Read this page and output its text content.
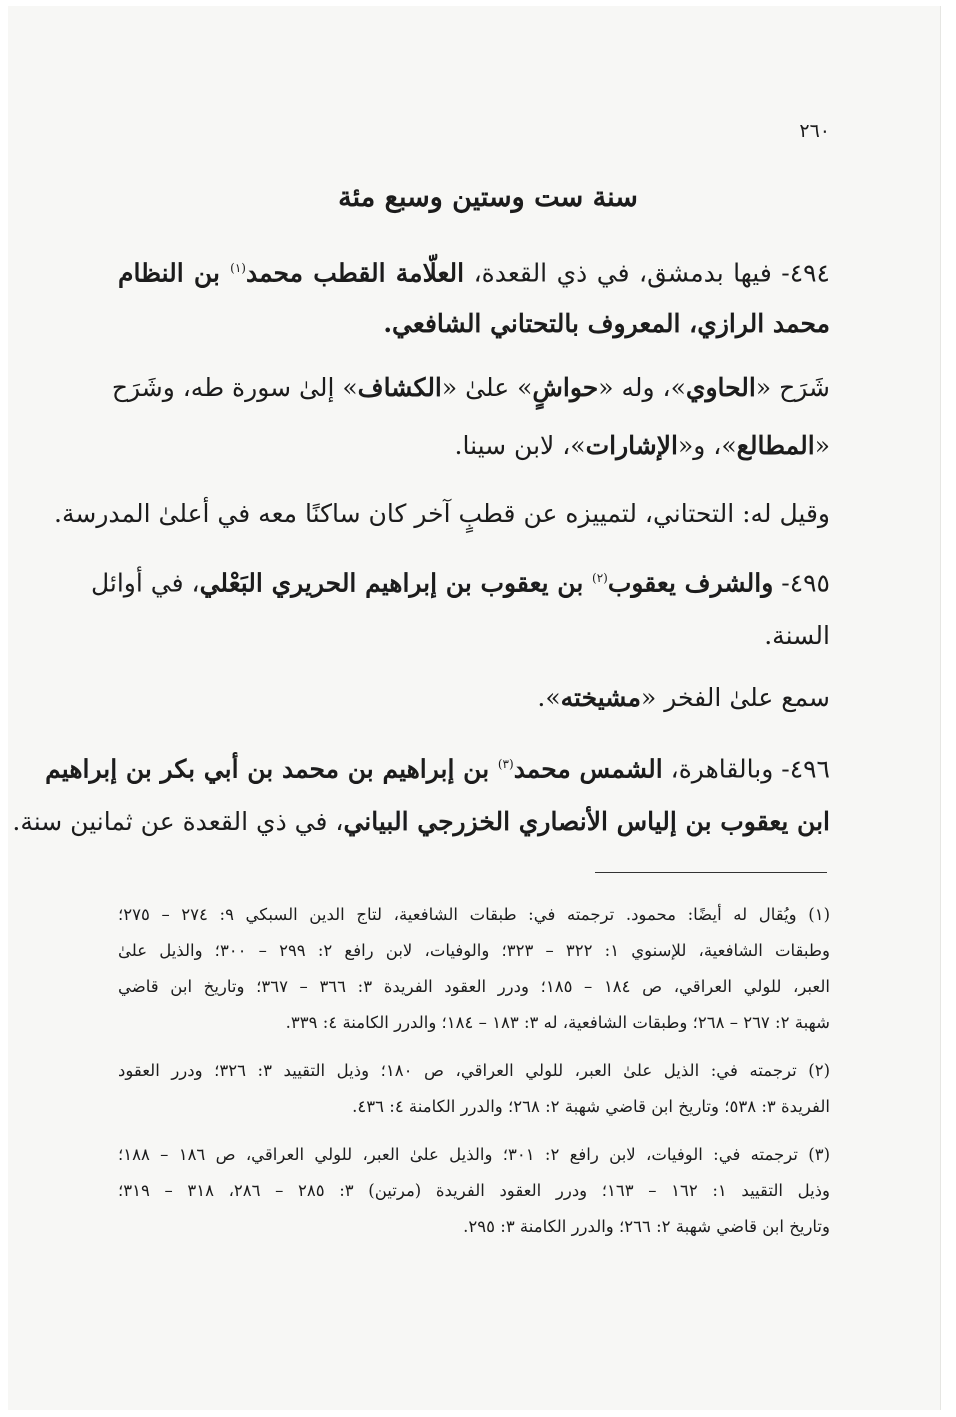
٢٦٠
سنة ست وستين وسبع مئة
٤٩٤- فيها بدمشق، في ذي القعدة، العلّامة القطب محمد$^{(١)}$ بن النظام
محمد الرازي، المعروف بالتحتاني الشافعي.
شَرَح «الحاوي»، وله «حواشٍ» علىٰ «الكشاف» إلىٰ سورة طه، وشَرَح
«المطالع»، و«الإشارات»، لابن سينا.
وقيل له: التحتاني، لتمييزه عن قطبٍ آخر كان ساكنًا معه في أعلىٰ المدرسة.
٤٩٥- والشرف يعقوب$^{(٢)}$ بن يعقوب بن إبراهيم الحريري البَعْلي، في أوائل
السنة.
سمع علىٰ الفخر «مشيخته».
٤٩٦- وبالقاهرة، الشمس محمد$^{(٣)}$ بن إبراهيم بن محمد بن أبي بكر بن إبراهيم
ابن يعقوب بن إلياس الأنصاري الخزرجي البياني، في ذي القعدة عن ثمانين سنة.
(١) ويُقال له أيضًا: محمود. ترجمته في: طبقات الشافعية، لتاج الدين السبكي ٩: ٢٧٤ – ٢٧٥؛
وطبقات الشافعية، للإسنوي ١: ٣٢٢ – ٣٢٣؛ والوفيات، لابن رافع ٢: ٢٩٩ – ٣٠٠؛ والذيل علىٰ
العبر، للولي العراقي، ص ١٨٤ – ١٨٥؛ ودرر العقود الفريدة ٣: ٣٦٦ – ٣٦٧؛ وتاريخ ابن قاضي
شهبة ٢: ٢٦٧ – ٢٦٨؛ وطبقات الشافعية، له ٣: ١٨٣ – ١٨٤؛ والدرر الكامنة ٤: ٣٣٩.
(٢) ترجمته في: الذيل علىٰ العبر، للولي العراقي، ص ١٨٠؛ وذيل التقييد ٣: ٣٢٦؛ ودرر العقود
الفريدة ٣: ٥٣٨؛ وتاريخ ابن قاضي شهبة ٢: ٢٦٨؛ والدرر الكامنة ٤: ٤٣٦.
(٣) ترجمته في: الوفيات، لابن رافع ٢: ٣٠١؛ والذيل علىٰ العبر، للولي العراقي، ص ١٨٦ – ١٨٨؛
وذيل التقييد ١: ١٦٢ – ١٦٣؛ ودرر العقود الفريدة (مرتين) ٣: ٢٨٥ – ٢٨٦، ٣١٨ – ٣١٩؛
وتاريخ ابن قاضي شهبة ٢: ٢٦٦؛ والدرر الكامنة ٣: ٢٩٥.
